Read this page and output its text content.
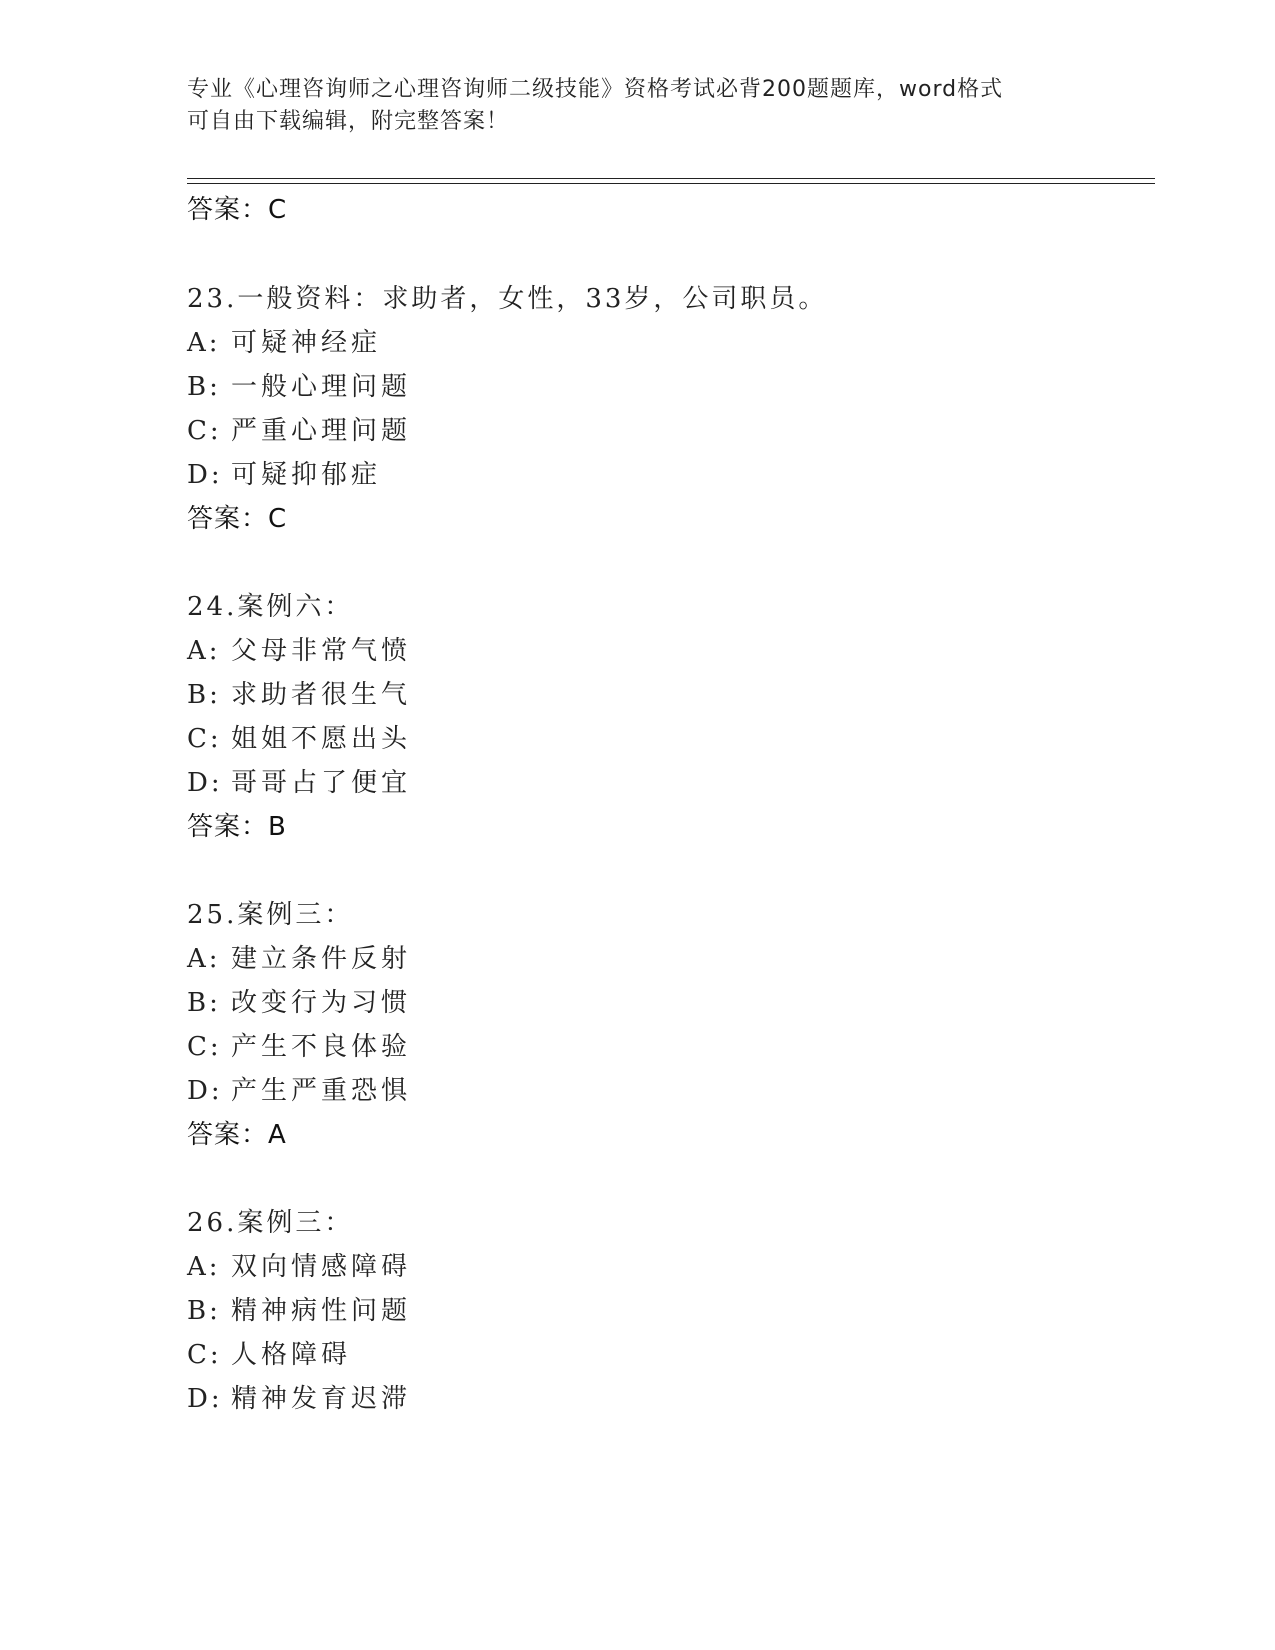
专业《心理咨询师之心理咨询师二级技能》资格考试必背200题题库，word格式
可自由下载编辑，附完整答案！
答案：C
23.一般资料：求助者，女性，33岁，公司职员。
A: 可疑神经症
B: 一般心理问题
C: 严重心理问题
D: 可疑抑郁症
答案：C
24.案例六：
A: 父母非常气愤
B: 求助者很生气
C: 姐姐不愿出头
D: 哥哥占了便宜
答案：B
25.案例三：
A: 建立条件反射
B: 改变行为习惯
C: 产生不良体验
D: 产生严重恐惧
答案：A
26.案例三：
A: 双向情感障碍
B: 精神病性问题
C: 人格障碍
D: 精神发育迟滞
